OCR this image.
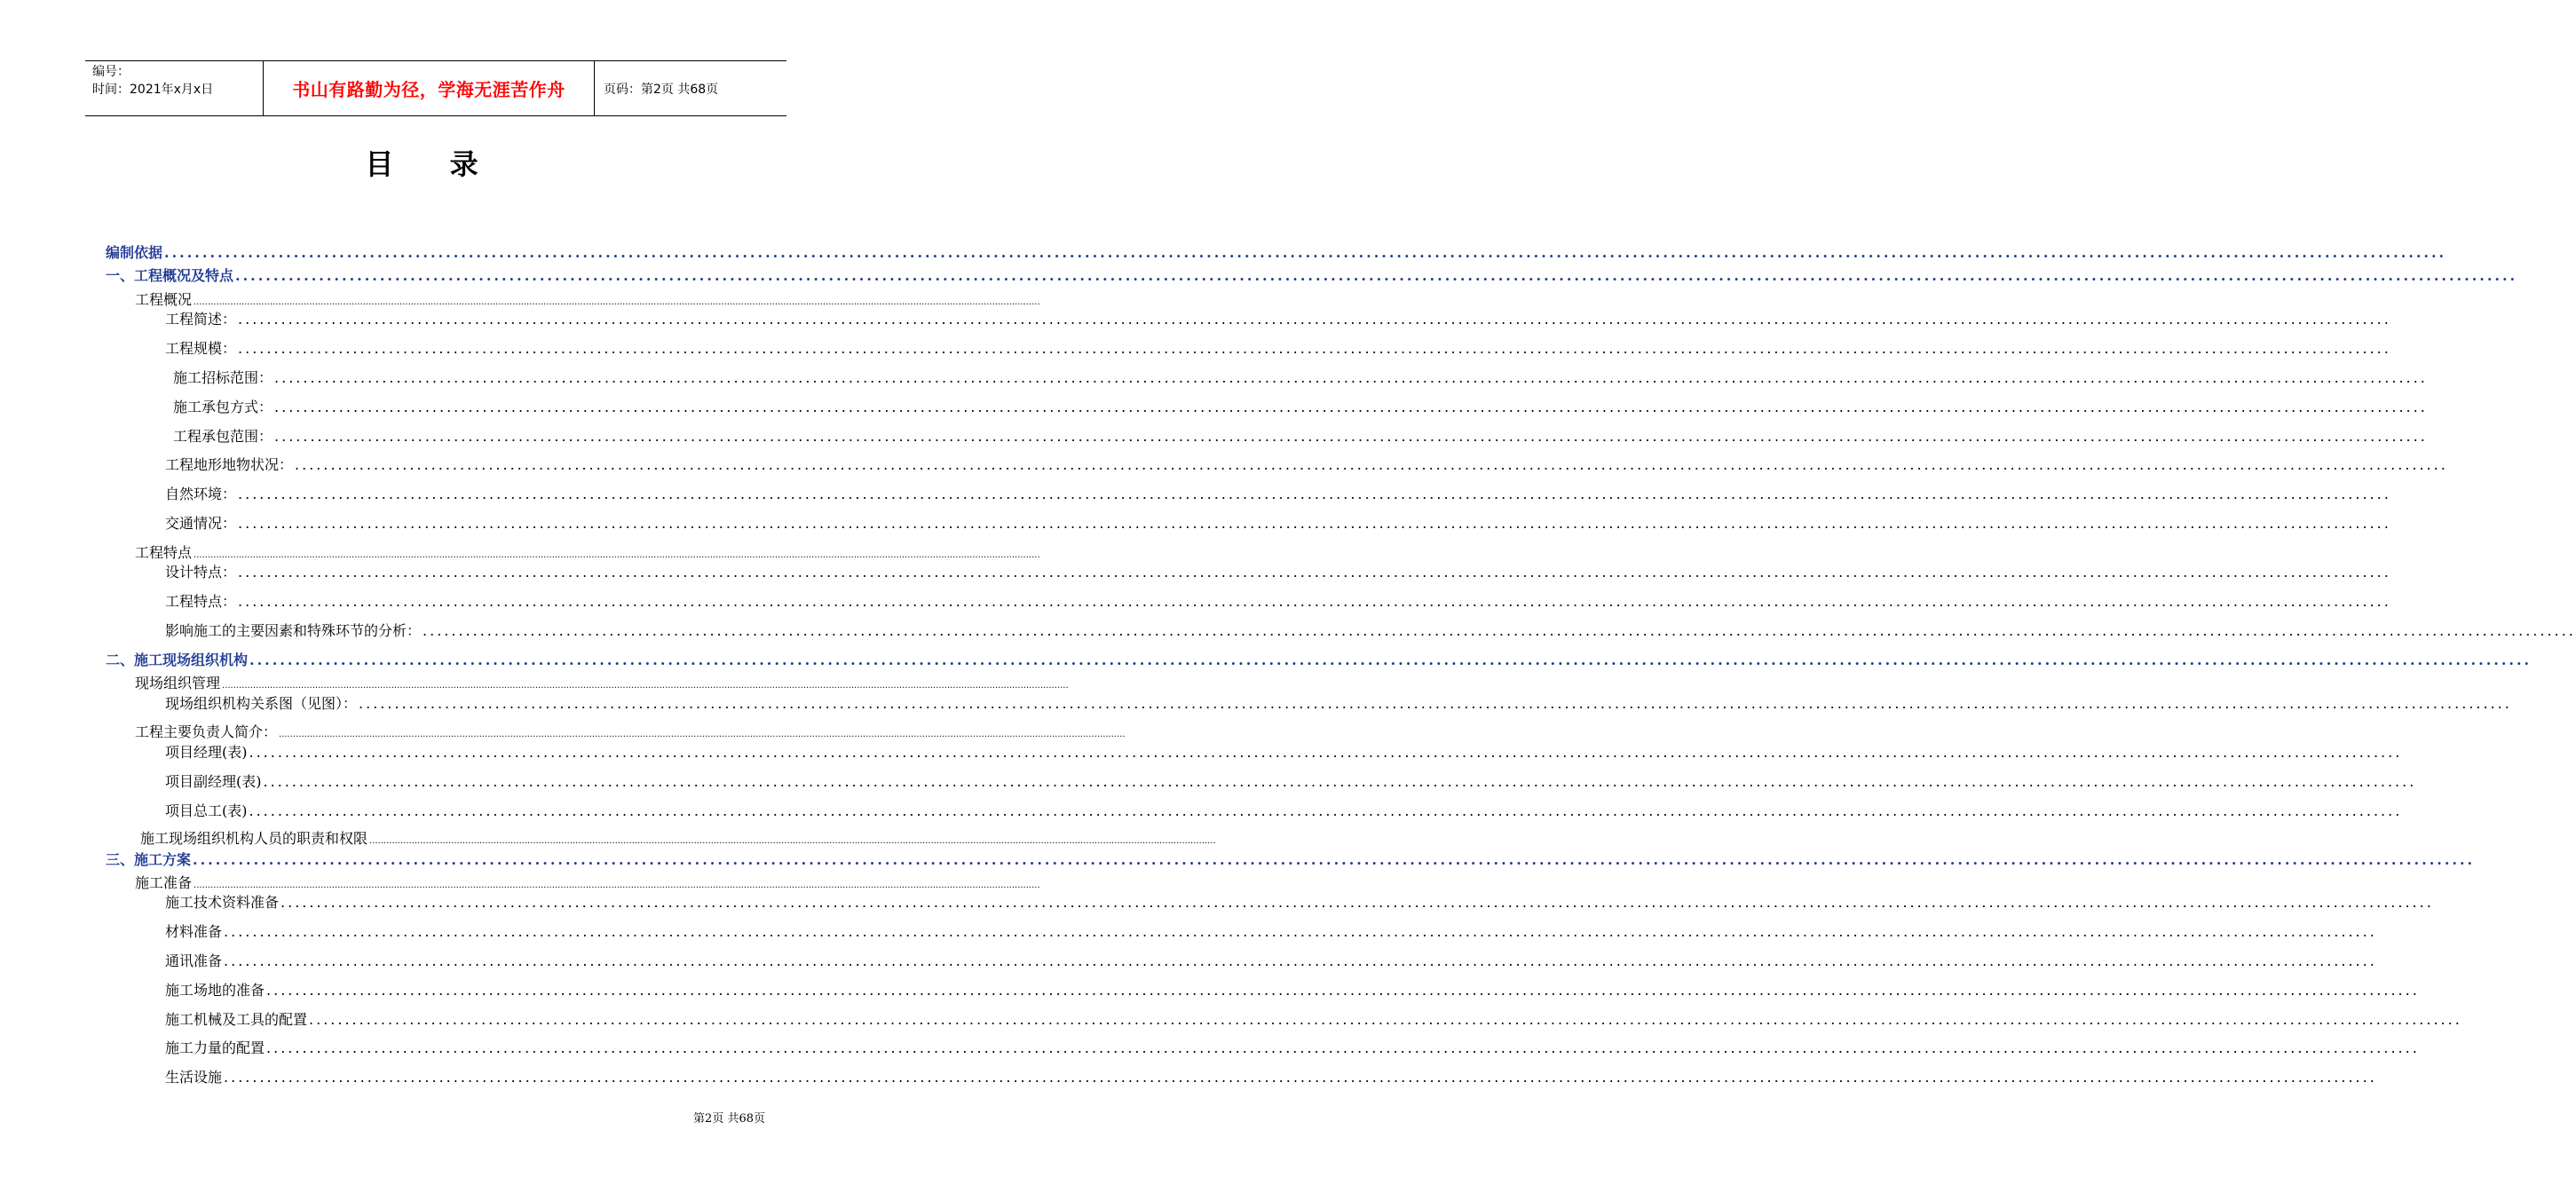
编号：
时间：2021年x月x日	书山有路勤为径，学海无涯苦作舟	页码：第2页 共68页
目 录
编制依据 ............................................................................................................................................................................................................................................................................................................
一、工程概况及特点 ............................................................................................................................................................................................................................................................................................................
工程概况 ............................................................................................................................................................................................................................................................................................................
工程简述： ............................................................................................................................................................................................................................................................................................................
工程规模： ............................................................................................................................................................................................................................................................................................................
施工招标范围： ............................................................................................................................................................................................................................................................................................................
施工承包方式： ............................................................................................................................................................................................................................................................................................................
工程承包范围： ............................................................................................................................................................................................................................................................................................................
工程地形地物状况： ............................................................................................................................................................................................................................................................................................................
自然环境： ............................................................................................................................................................................................................................................................................................................
交通情况： ............................................................................................................................................................................................................................................................................................................
工程特点 ............................................................................................................................................................................................................................................................................................................
设计特点： ............................................................................................................................................................................................................................................................................................................
工程特点： ............................................................................................................................................................................................................................................................................................................
影响施工的主要因素和特殊环节的分析： ............................................................................................................................................................................................................................................................................................................
二、施工现场组织机构 ............................................................................................................................................................................................................................................................................................................
现场组织管理 ............................................................................................................................................................................................................................................................................................................
现场组织机构关系图（见图）： ............................................................................................................................................................................................................................................................................................................
工程主要负责人简介： ............................................................................................................................................................................................................................................................................................................
项目经理(表) ............................................................................................................................................................................................................................................................................................................
项目副经理(表) ............................................................................................................................................................................................................................................................................................................
项目总工(表) ............................................................................................................................................................................................................................................................................................................
施工现场组织机构人员的职责和权限 ............................................................................................................................................................................................................................................................................................................
三、施工方案 ............................................................................................................................................................................................................................................................................................................
施工准备 ............................................................................................................................................................................................................................................................................................................
施工技术资料准备 ............................................................................................................................................................................................................................................................................................................
材料准备 ............................................................................................................................................................................................................................................................................................................
通讯准备 ............................................................................................................................................................................................................................................................................................................
施工场地的准备 ............................................................................................................................................................................................................................................................................................................
施工机械及工具的配置 ............................................................................................................................................................................................................................................................................................................
施工力量的配置 ............................................................................................................................................................................................................................................................................................................
生活设施 ............................................................................................................................................................................................................................................................................................................
第2页 共68页
